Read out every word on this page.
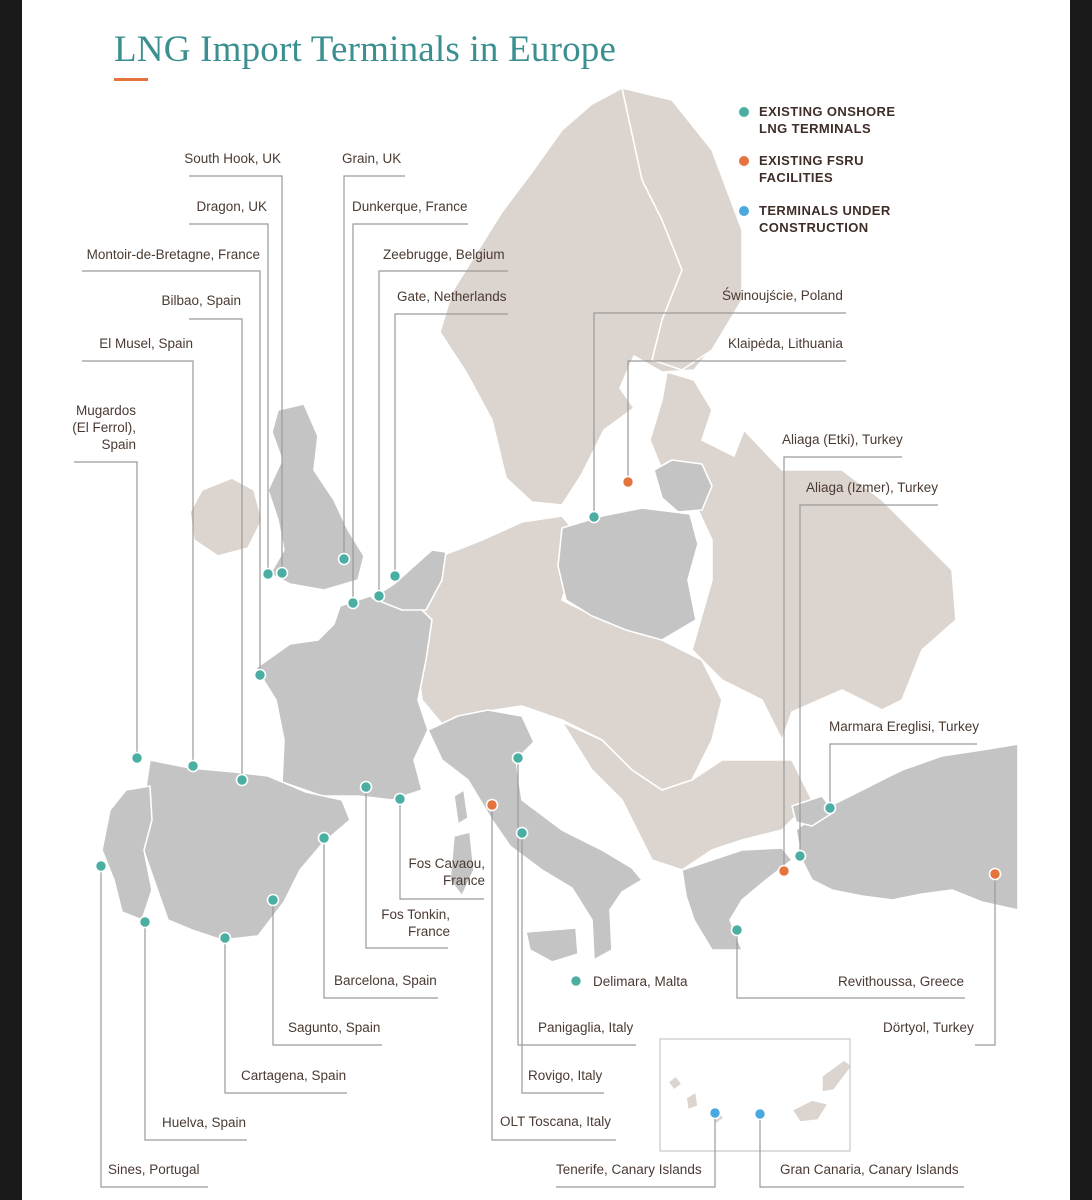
LNG Import Terminals in Europe
EXISTING ONSHORE
LNG TERMINALS
EXISTING FSRU
FACILITIES
TERMINALS UNDER
CONSTRUCTION
South Hook, UK	Grain, UK
Dragon, UK	Dunkerque, France
Montoir-de-Bretagne, France	Zeebrugge, Belgium
Bilbao, Spain	Gate, Netherlands	Świnoujście, Poland
El Musel, Spain	Klaipėda, Lithuania
Mugardos
(El Ferrol),
Spain	Aliaga (Etki), Turkey
Aliaga (Izmer), Turkey
Marmara Ereglisi, Turkey
Fos Cavaou,
France
Fos Tonkin,
France
Barcelona, Spain	Delimara, Malta	Revithoussa, Greece
Sagunto, Spain	Panigaglia, Italy	Dörtyol, Turkey
Cartagena, Spain	Rovigo, Italy
Huelva, Spain	OLT Toscana, Italy
Sines, Portugal	Tenerife, Canary Islands	Gran Canaria, Canary Islands
